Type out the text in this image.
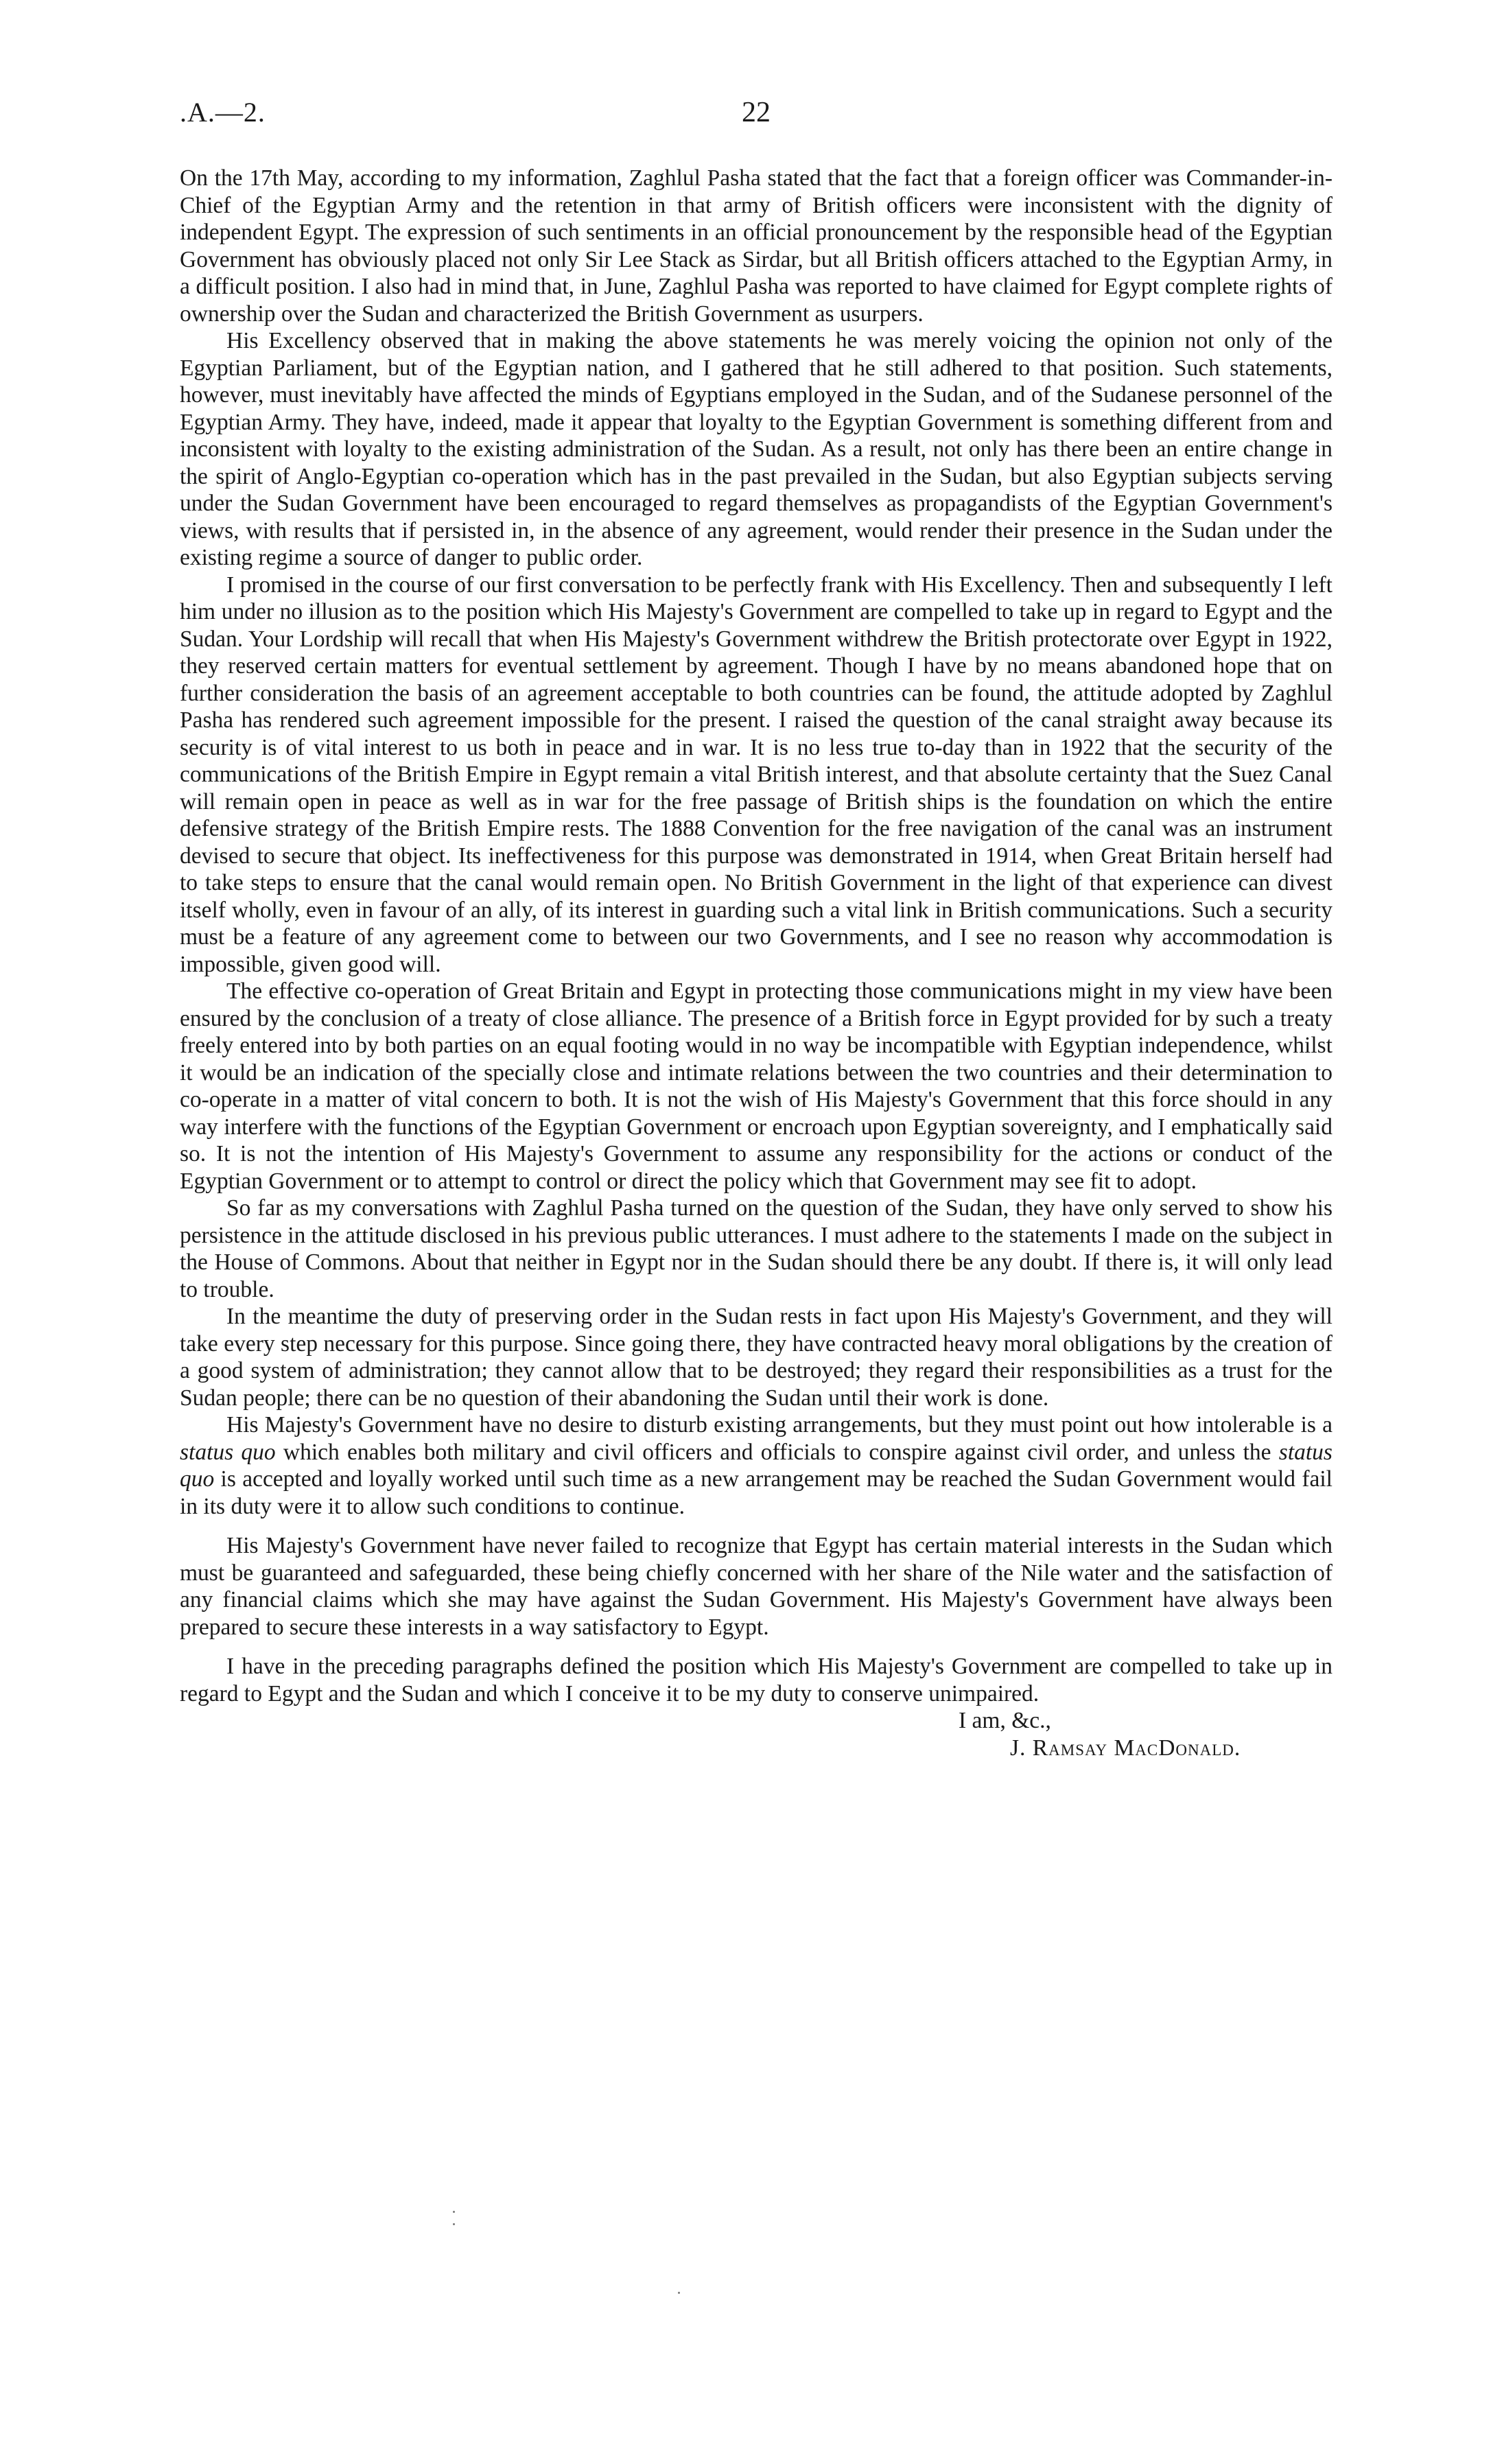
.A.—2.	22

On the 17th May, according to my information, Zaghlul Pasha stated that the fact that a foreign officer was Commander-in-Chief of the Egyptian Army and the retention in that army of British officers were inconsistent with the dignity of independent Egypt. The expression of such sentiments in an official pronouncement by the responsible head of the Egyptian Government has obviously placed not only Sir Lee Stack as Sirdar, but all British officers attached to the Egyptian Army, in a difficult position. I also had in mind that, in June, Zaghlul Pasha was reported to have claimed for Egypt complete rights of ownership over the Sudan and characterized the British Government as usurpers.

His Excellency observed that in making the above statements he was merely voicing the opinion not only of the Egyptian Parliament, but of the Egyptian nation, and I gathered that he still adhered to that position. Such statements, however, must inevitably have affected the minds of Egyptians employed in the Sudan, and of the Sudanese personnel of the Egyptian Army. They have, indeed, made it appear that loyalty to the Egyptian Government is something different from and inconsistent with loyalty to the existing administration of the Sudan. As a result, not only has there been an entire change in the spirit of Anglo-Egyptian co-operation which has in the past prevailed in the Sudan, but also Egyptian subjects serving under the Sudan Government have been encouraged to regard themselves as propagandists of the Egyptian Government's views, with results that if persisted in, in the absence of any agreement, would render their presence in the Sudan under the existing regime a source of danger to public order.

I promised in the course of our first conversation to be perfectly frank with His Excellency. Then and subsequently I left him under no illusion as to the position which His Majesty's Government are compelled to take up in regard to Egypt and the Sudan. Your Lordship will recall that when His Majesty's Government withdrew the British protectorate over Egypt in 1922, they reserved certain matters for eventual settlement by agreement. Though I have by no means abandoned hope that on further consideration the basis of an agreement acceptable to both countries can be found, the attitude adopted by Zaghlul Pasha has rendered such agreement impossible for the present. I raised the question of the canal straight away because its security is of vital interest to us both in peace and in war. It is no less true to-day than in 1922 that the security of the communications of the British Empire in Egypt remain a vital British interest, and that absolute certainty that the Suez Canal will remain open in peace as well as in war for the free passage of British ships is the foundation on which the entire defensive strategy of the British Empire rests. The 1888 Convention for the free navigation of the canal was an instrument devised to secure that object. Its ineffectiveness for this purpose was demonstrated in 1914, when Great Britain herself had to take steps to ensure that the canal would remain open. No British Government in the light of that experience can divest itself wholly, even in favour of an ally, of its interest in guarding such a vital link in British communications. Such a security must be a feature of any agreement come to between our two Governments, and I see no reason why accommodation is impossible, given good will.

The effective co-operation of Great Britain and Egypt in protecting those communications might in my view have been ensured by the conclusion of a treaty of close alliance. The presence of a British force in Egypt provided for by such a treaty freely entered into by both parties on an equal footing would in no way be incompatible with Egyptian independence, whilst it would be an indication of the specially close and intimate relations between the two countries and their determination to co-operate in a matter of vital concern to both. It is not the wish of His Majesty's Government that this force should in any way interfere with the functions of the Egyptian Government or encroach upon Egyptian sovereignty, and I emphatically said so. It is not the intention of His Majesty's Government to assume any responsibility for the actions or conduct of the Egyptian Government or to attempt to control or direct the policy which that Government may see fit to adopt.

So far as my conversations with Zaghlul Pasha turned on the question of the Sudan, they have only served to show his persistence in the attitude disclosed in his previous public utterances. I must adhere to the statements I made on the subject in the House of Commons. About that neither in Egypt nor in the Sudan should there be any doubt. If there is, it will only lead to trouble.

In the meantime the duty of preserving order in the Sudan rests in fact upon His Majesty's Government, and they will take every step necessary for this purpose. Since going there, they have contracted heavy moral obligations by the creation of a good system of administration; they cannot allow that to be destroyed; they regard their responsibilities as a trust for the Sudan people; there can be no question of their abandoning the Sudan until their work is done.

His Majesty's Government have no desire to disturb existing arrangements, but they must point out how intolerable is a status quo which enables both military and civil officers and officials to conspire against civil order, and unless the status quo is accepted and loyally worked until such time as a new arrangement may be reached the Sudan Government would fail in its duty were it to allow such conditions to continue.

His Majesty's Government have never failed to recognize that Egypt has certain material interests in the Sudan which must be guaranteed and safeguarded, these being chiefly concerned with her share of the Nile water and the satisfaction of any financial claims which she may have against the Sudan Government. His Majesty's Government have always been prepared to secure these interests in a way satisfactory to Egypt.

I have in the preceding paragraphs defined the position which His Majesty's Government are compelled to take up in regard to Egypt and the Sudan and which I conceive it to be my duty to conserve unimpaired.

I am, &c.,
J. Ramsay MacDonald.
